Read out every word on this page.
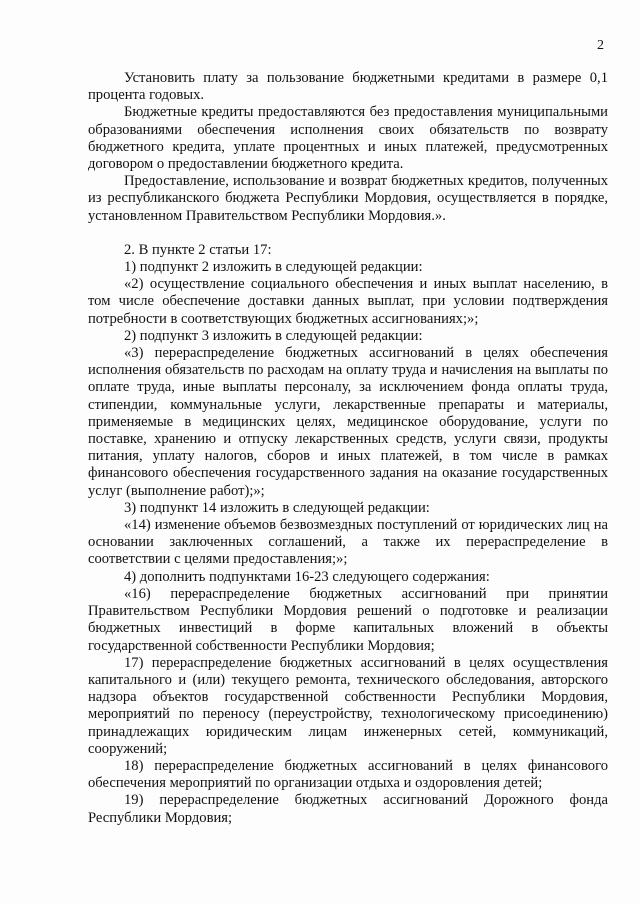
2

Установить плату за пользование бюджетными кредитами в размере 0,1 процента годовых.

Бюджетные кредиты предоставляются без предоставления муниципальными образованиями обеспечения исполнения своих обязательств по возврату бюджетного кредита, уплате процентных и иных платежей, предусмотренных договором о предоставлении бюджетного кредита.

Предоставление, использование и возврат бюджетных кредитов, полученных из республиканского бюджета Республики Мордовия, осуществляется в порядке, установленном Правительством Республики Мордовия.».

2. В пункте 2 статьи 17:

1) подпункт 2 изложить в следующей редакции:

«2) осуществление социального обеспечения и иных выплат населению, в том числе обеспечение доставки данных выплат, при условии подтверждения потребности в соответствующих бюджетных ассигнованиях;»;

2) подпункт 3 изложить в следующей редакции:

«3) перераспределение бюджетных ассигнований в целях обеспечения исполнения обязательств по расходам на оплату труда и начисления на выплаты по оплате труда, иные выплаты персоналу, за исключением фонда оплаты труда, стипендии, коммунальные услуги, лекарственные препараты и материалы, применяемые в медицинских целях, медицинское оборудование, услуги по поставке, хранению и отпуску лекарственных средств, услуги связи, продукты питания, уплату налогов, сборов и иных платежей, в том числе в рамках финансового обеспечения государственного задания на оказание государственных услуг (выполнение работ);»;

3) подпункт 14 изложить в следующей редакции:

«14) изменение объемов безвозмездных поступлений от юридических лиц на основании заключенных соглашений, а также их перераспределение в соответствии с целями предоставления;»;

4) дополнить подпунктами 16-23 следующего содержания:

«16) перераспределение бюджетных ассигнований при принятии Правительством Республики Мордовия решений о подготовке и реализации бюджетных инвестиций в форме капитальных вложений в объекты государственной собственности Республики Мордовия;

17) перераспределение бюджетных ассигнований в целях осуществления капитального и (или) текущего ремонта, технического обследования, авторского надзора объектов государственной собственности Республики Мордовия, мероприятий по переносу (переустройству, технологическому присоединению) принадлежащих юридическим лицам инженерных сетей, коммуникаций, сооружений;

18) перераспределение бюджетных ассигнований в целях финансового обеспечения мероприятий по организации отдыха и оздоровления детей;

19) перераспределение бюджетных ассигнований Дорожного фонда Республики Мордовия;
